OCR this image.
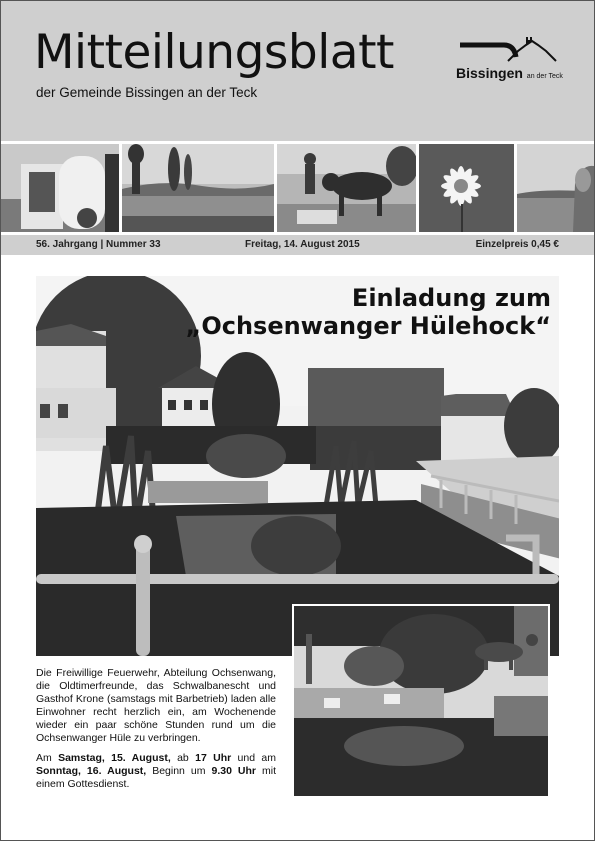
Mitteilungsblatt
der Gemeinde Bissingen an der Teck
Bissingen an der Teck
56. Jahrgang | Nummer 33	Freitag, 14. August 2015	Einzelpreis 0,45 €
Einladung zum
„Ochsenwanger Hülehock“

Die Freiwillige Feuerwehr, Abteilung Ochsenwang, die Oldtimerfreunde, das Schwalbanescht und Gasthof Krone (samstags mit Barbetrieb) laden alle Einwohner recht herzlich ein, am Wochenende wieder ein paar schöne Stunden rund um die Ochsenwanger Hüle zu verbringen.

Am Samstag, 15. August, ab 17 Uhr und am Sonntag, 16. August, Beginn um 9.30 Uhr mit einem Gottesdienst.
